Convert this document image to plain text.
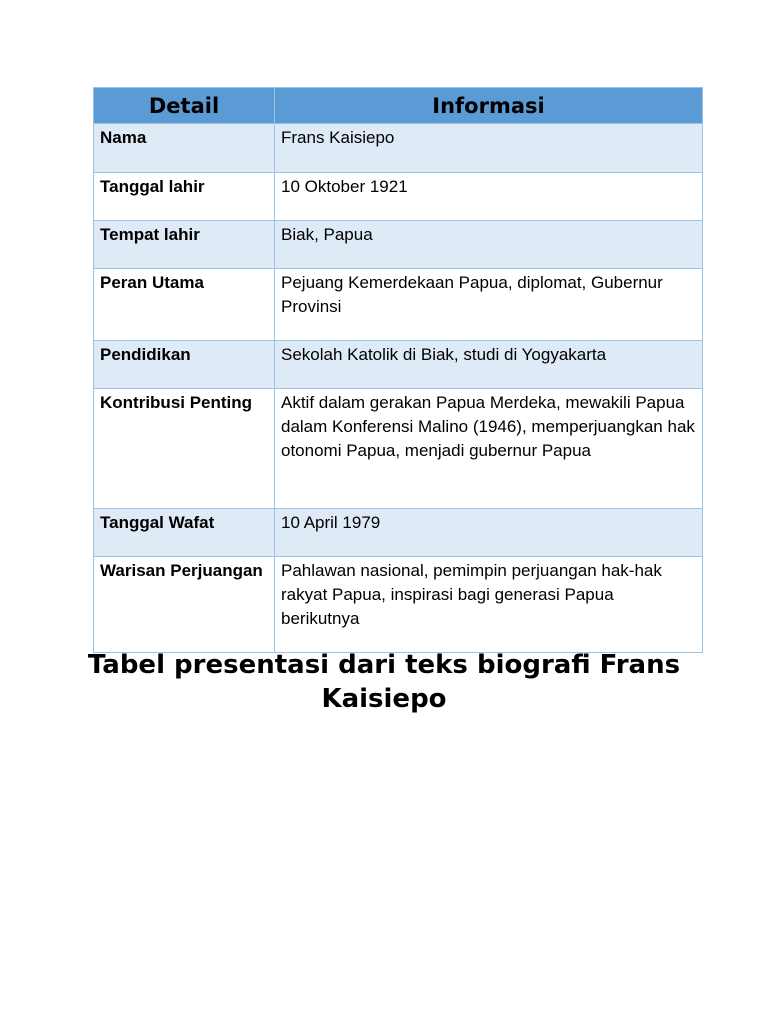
Detail	Informasi
Nama	Frans Kaisiepo
Tanggal lahir	10 Oktober 1921
Tempat lahir	Biak, Papua
Peran Utama	Pejuang Kemerdekaan Papua, diplomat, Gubernur Provinsi
Pendidikan	Sekolah Katolik di Biak, studi di Yogyakarta
Kontribusi Penting	Aktif dalam gerakan Papua Merdeka, mewakili Papua dalam Konferensi Malino (1946), memperjuangkan hak otonomi Papua, menjadi gubernur Papua
Tanggal Wafat	10 April 1979
Warisan Perjuangan	Pahlawan nasional, pemimpin perjuangan hak-hak rakyat Papua, inspirasi bagi generasi Papua berikutnya
Tabel presentasi dari teks biografi Frans Kaisiepo
